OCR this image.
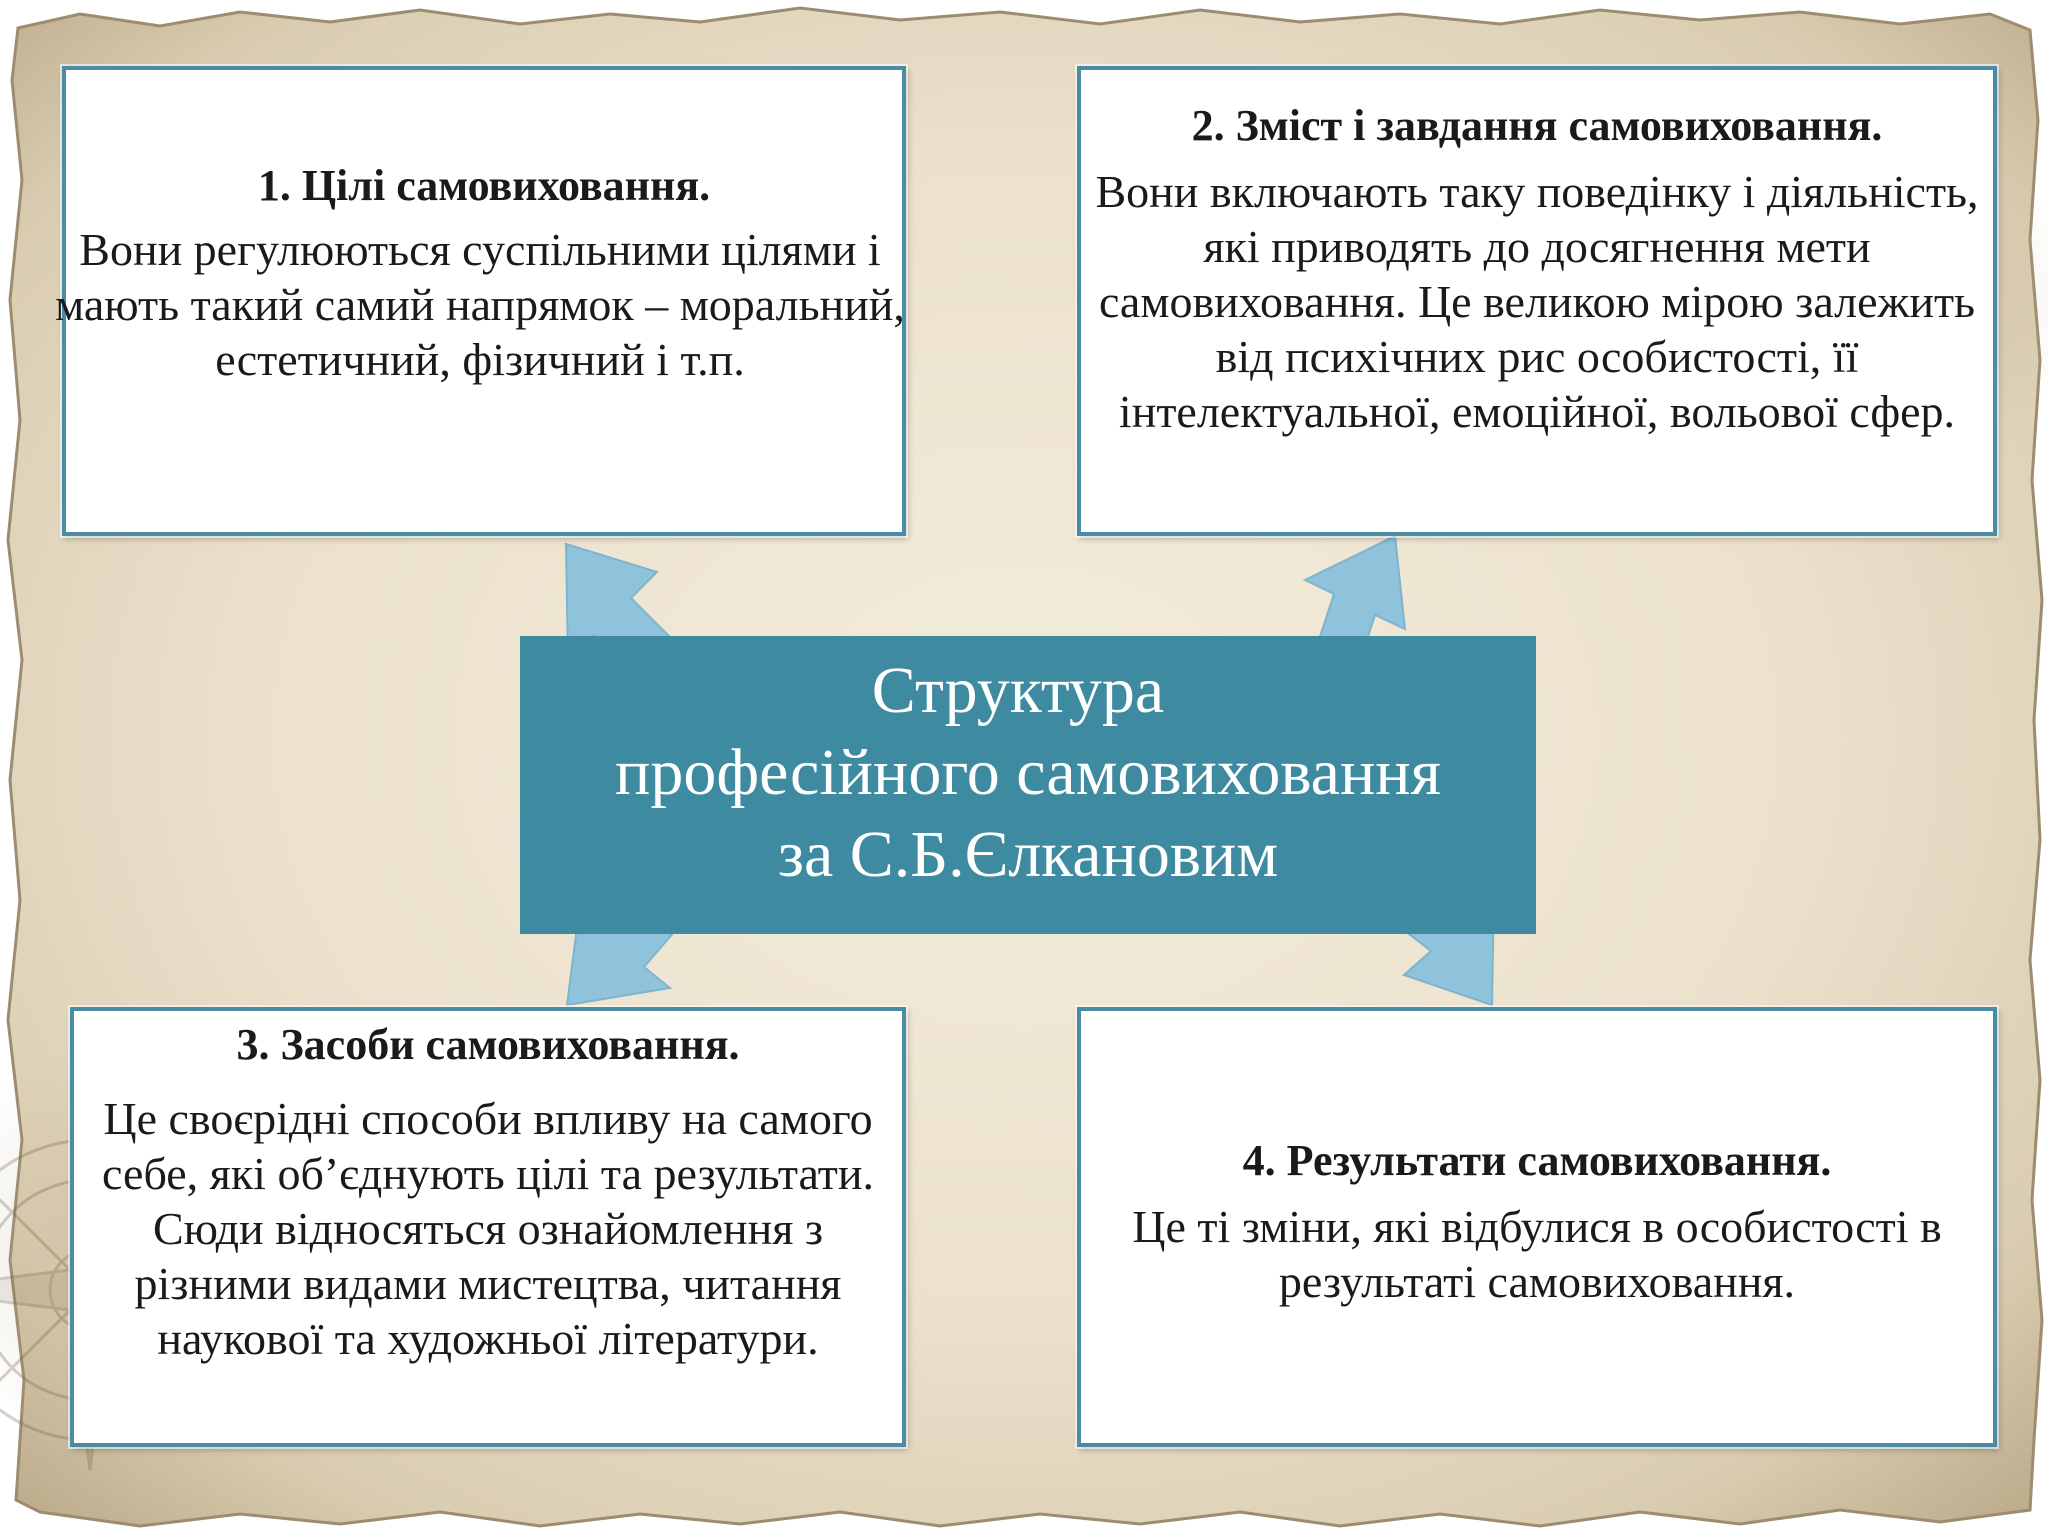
Структура
професійного самовиховання
за С.Б.Єлкановим

1. Цілі самовиховання.

Вони регулюються суспільними цілями і мають такий самий напрямок – моральний, естетичний, фізичний і т.п.

2. Зміст і завдання самовиховання.

Вони включають таку поведінку і діяльність, які приводять до досягнення мети самовиховання. Це великою мірою залежить від психічних рис особистості, її інтелектуальної, емоційної, вольової сфер.

3. Засоби самовиховання.

Це своєрідні способи впливу на самого себе, які об’єднують цілі та результати. Сюди відносяться ознайомлення з різними видами мистецтва, читання наукової та художньої літератури.

4. Результати самовиховання.

Це ті зміни, які відбулися в особистості в результаті самовиховання.
